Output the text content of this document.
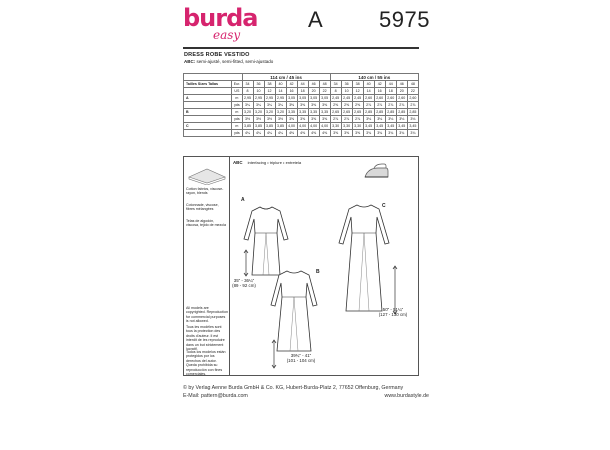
burda
easy
A	5975
DRESS ROBE VESTIDO
ABC: semi-ajusté, semi-fitted, semi-ajustado
		114 cm / 45 ins								140 cm / 55 ins							
Tailles Sizes Tallas	Eur.	34	36	38	40	42	44	46	48	34	36	38	40	42	44	46	48
	US	8	10	12	14	16	18	20	22	8	10	12	14	16	18	20	22
A	m	2,95	2,95	2,95	2,95	3,05	3,05	3,05	3,05	2,45	2,45	2,45	2,60	2,60	2,60	2,60	2,60
	yds	3¼	3¼	3¼	3¼	3⅜	3⅜	3⅜	3⅜	2⅝	2⅝	2⅝	2⅞	2⅞	2⅞	2⅞	2⅞
B	m	3,20	3,20	3,20	3,20	3,35	3,35	3,35	3,35	2,65	2,65	2,65	2,85	2,85	2,85	2,85	2,85
	yds	3½	3½	3½	3½	3⅝	3⅝	3⅝	3⅝	2⅞	2⅞	2⅞	3⅛	3⅛	3⅛	3⅛	3⅛
C	m	3,85	3,85	3,85	3,85	4,00	4,00	4,00	4,00	3,30	3,30	3,30	3,45	3,45	3,45	3,45	3,45
	yds	4¼	4¼	4¼	4¼	4⅜	4⅜	4⅜	4⅜	3⅝	3⅝	3⅝	3¾	3¾	3¾	3¾	3¾
Cotton fabrics, viscose-rayon, blends
Cotonnade, viscose, fibres mélangées
Telas de algodón, viscosa, tejido de mezcla
All models are copyrighted. Reproduction for commercial purposes is not allowed.
Tous les modèles sont tous la protection des droits d'auteur. Il est interdit de les reproduire dans un but strictement lucratif.
Todos los modelos están protegidos por los derechos del autor. Queda prohibida su reproducción con fines comerciales.
ABC interfacing • triplure • entretela
A
35" - 36¼"
(89 - 92 cm)
B
39¾" - 41"
(101 - 104 cm)
C
50" - 51¼"
(127 - 130 cm)
© by Verlag Aenne Burda GmbH & Co. KG, Hubert-Burda-Platz 2, 77652 Offenburg, Germany
E-Mail: pattern@burda.com	www.burdastyle.de
